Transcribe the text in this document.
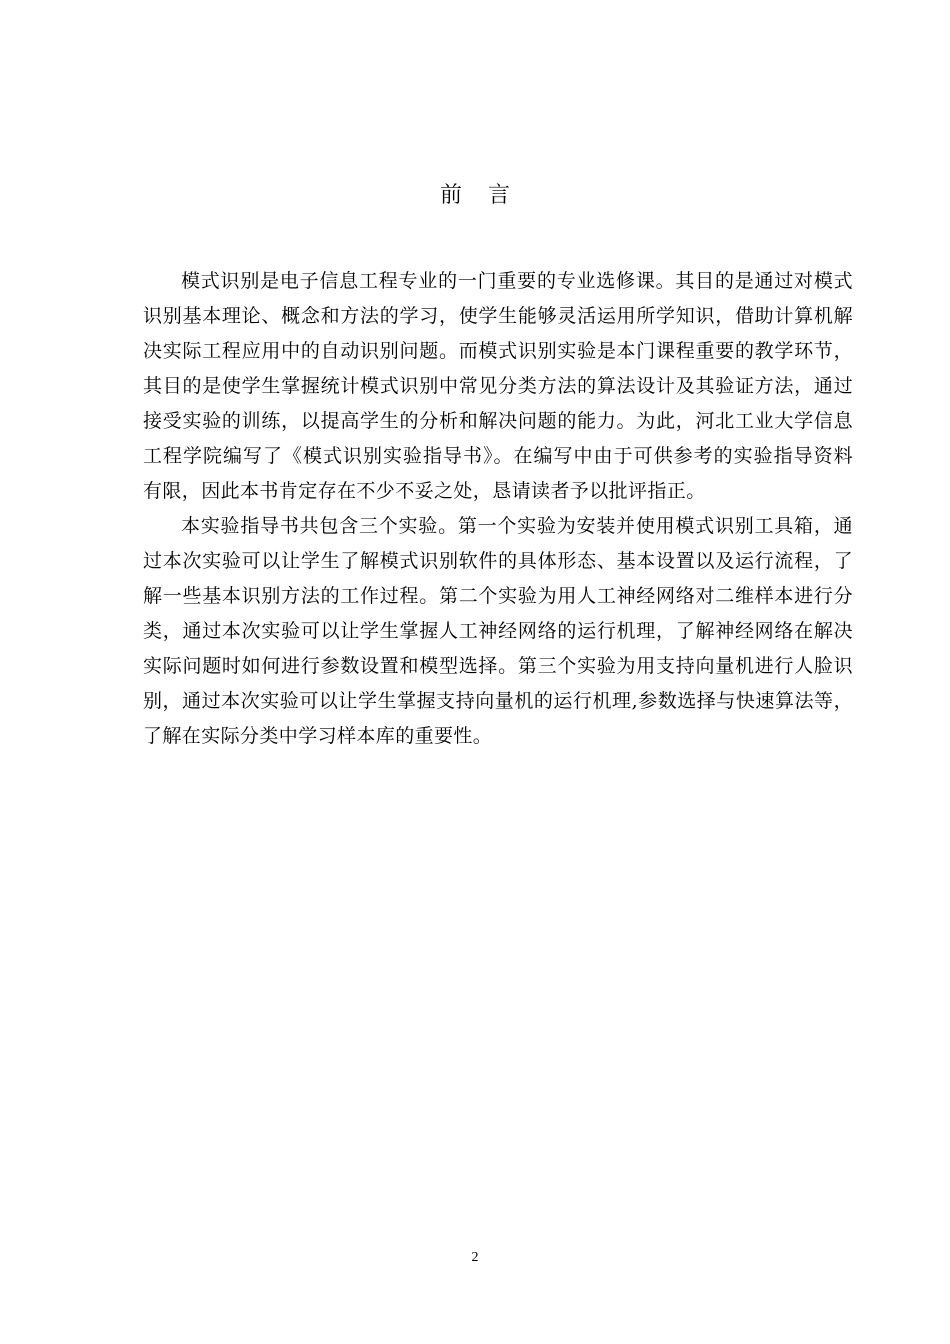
前言
模式识别是电子信息工程专业的一门重要的专业选修课。其目的是通过对模式
识别基本理论、概念和方法的学习，使学生能够灵活运用所学知识，借助计算机解
决实际工程应用中的自动识别问题。而模式识别实验是本门课程重要的教学环节，
其目的是使学生掌握统计模式识别中常见分类方法的算法设计及其验证方法，通过
接受实验的训练，以提高学生的分析和解决问题的能力。为此，河北工业大学信息
工程学院编写了《模式识别实验指导书》。在编写中由于可供参考的实验指导资料
有限，因此本书肯定存在不少不妥之处，恳请读者予以批评指正。
本实验指导书共包含三个实验。第一个实验为安装并使用模式识别工具箱，通
过本次实验可以让学生了解模式识别软件的具体形态、基本设置以及运行流程，了
解一些基本识别方法的工作过程。第二个实验为用人工神经网络对二维样本进行分
类，通过本次实验可以让学生掌握人工神经网络的运行机理，了解神经网络在解决
实际问题时如何进行参数设置和模型选择。第三个实验为用支持向量机进行人脸识
别，通过本次实验可以让学生掌握支持向量机的运行机理,参数选择与快速算法等，
了解在实际分类中学习样本库的重要性。
2
